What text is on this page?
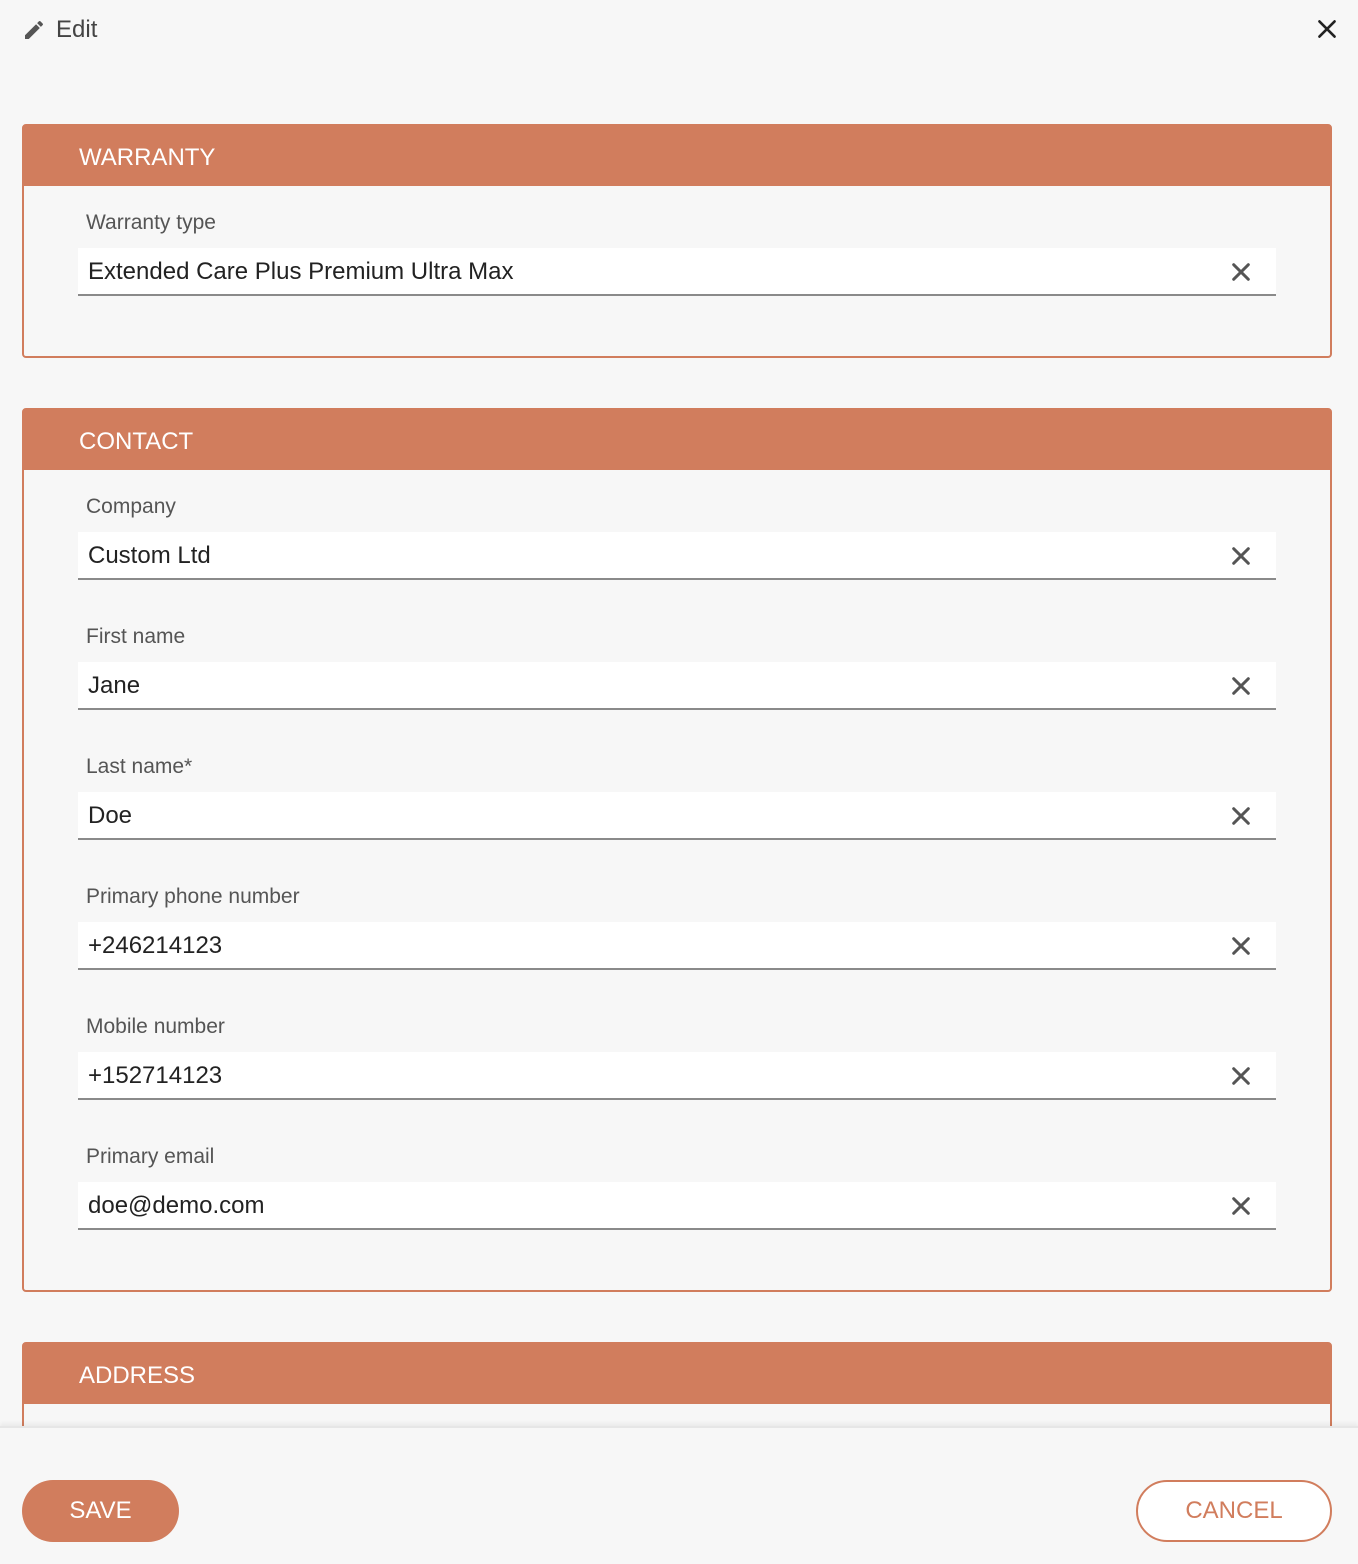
Edit
WARRANTY
Warranty type
Extended Care Plus Premium Ultra Max
CONTACT
Company
Custom Ltd
First name
Jane
Last name*
Doe
Primary phone number
+246214123
Mobile number
+152714123
Primary email
doe@demo.com
ADDRESS
SAVE	CANCEL
